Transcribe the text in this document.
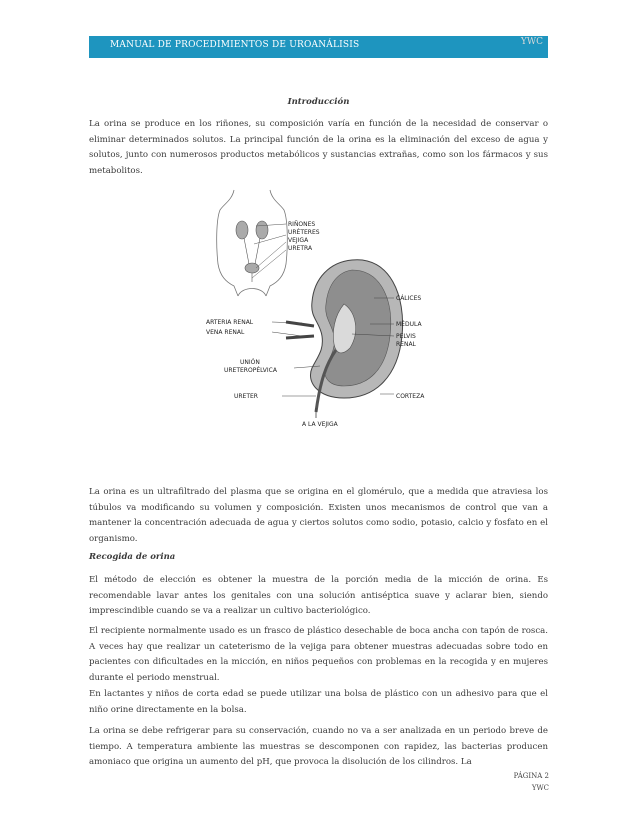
MANUAL DE PROCEDIMIENTOS DE UROANÁLISIS	YWC
Introducción
La orina se produce en los riñones, su composición varía en función de la necesidad de conservar o eliminar determinados solutos. La principal función de la orina es la eliminación del exceso de agua y solutos, junto con numerosos productos metabólicos y sustancias extrañas, como son los fármacos y sus metabolitos.
RIÑONES
URÉTERES
VEJIGA
URETRA
CÁLICES
MÉDULA
PELVIS
RENAL
ARTERIA RENAL
VENA RENAL
UNIÓN
URETEROPÉLVICA
URETER	CORTEZA
A LA VEJIGA
La orina es un ultrafiltrado del plasma que se origina en el glomérulo, que a medida que atraviesa los túbulos va modificando su volumen y composición. Existen unos mecanismos de control que van a mantener la concentración adecuada de agua y ciertos solutos como sodio, potasio, calcio y fosfato en el organismo.
Recogida de orina
El método de elección es obtener la muestra de la porción media de la micción de orina. Es recomendable lavar antes los genitales con una solución antiséptica suave y aclarar bien, siendo imprescindible cuando se va a realizar un cultivo bacteriológico.
El recipiente normalmente usado es un frasco de plástico desechable de boca ancha con tapón de rosca. A veces hay que realizar un cateterismo de la vejiga para obtener muestras adecuadas sobre todo en pacientes con dificultades en la micción, en niños pequeños con problemas en la recogida y en mujeres durante el periodo menstrual.
En lactantes y niños de corta edad se puede utilizar una bolsa de plástico con un adhesivo para que el niño orine directamente en la bolsa.
La orina se debe refrigerar para su conservación, cuando no va a ser analizada en un periodo breve de tiempo. A temperatura ambiente las muestras se descomponen con rapidez, las bacterias producen amoniaco que origina un aumento del pH, que provoca la disolución de los cilindros. La
PÁGINA 2
YWC
